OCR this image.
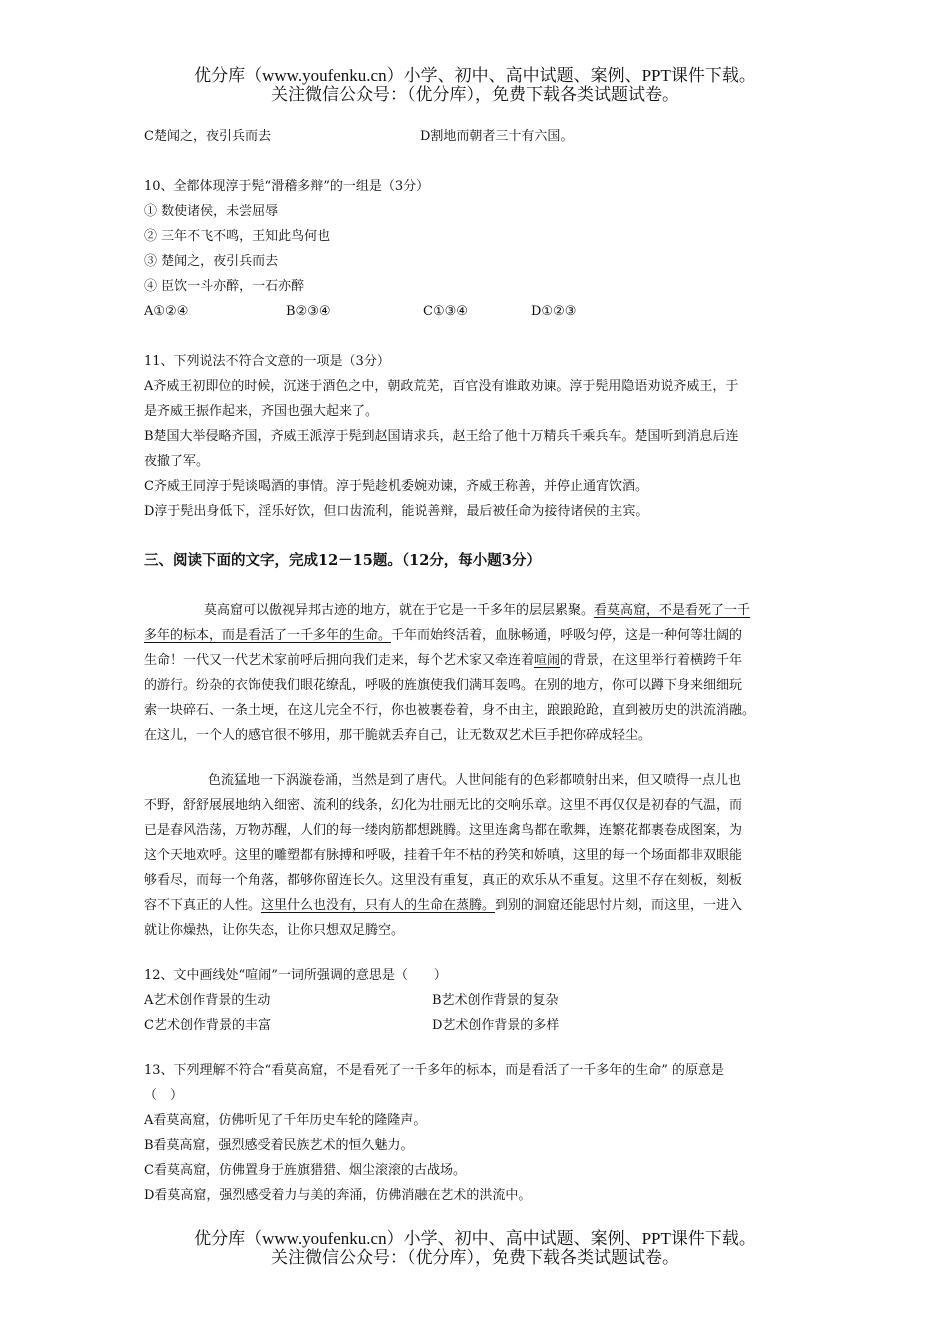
优分库（www.youfenku.cn）小学、初中、高中试题、案例、PPT课件下载。
关注微信公众号：（优分库），免费下载各类试题试卷。
C楚闻之，夜引兵而去	D割地而朝者三十有六国。
10、全都体现淳于髡“滑稽多辩”的一组是（3分）
① 数使诸侯，未尝屈辱
② 三年不飞不鸣，王知此鸟何也
③ 楚闻之，夜引兵而去
④ 臣饮一斗亦醉，一石亦醉
A①②④	B②③④	C①③④	D①②③
11、下列说法不符合文意的一项是（3分）
A齐威王初即位的时候，沉迷于酒色之中，朝政荒芜，百官没有谁敢劝谏。淳于髡用隐语劝说齐威王，于
是齐威王振作起来，齐国也强大起来了。
B楚国大举侵略齐国，齐威王派淳于髡到赵国请求兵，赵王给了他十万精兵千乘兵车。楚国听到消息后连
夜撤了军。
C齐威王同淳于髡谈喝酒的事情。淳于髡趁机委婉劝谏，齐威王称善，并停止通宵饮酒。
D淳于髡出身低下，淫乐好饮，但口齿流利，能说善辩，最后被任命为接待诸侯的主宾。
三、阅读下面的文字，完成12－15题。（12分，每小题3分）
莫高窟可以傲视异邦古迹的地方，就在于它是一千多年的层层累聚。看莫高窟，不是看死了一千
多年的标本，而是看活了一千多年的生命。千年而始终活着，血脉畅通，呼吸匀停，这是一种何等壮阔的
生命！一代又一代艺术家前呼后拥向我们走来，每个艺术家又牵连着喧闹的背景，在这里举行着横跨千年
的游行。纷杂的衣饰使我们眼花缭乱，呼吸的旌旗使我们满耳轰鸣。在别的地方，你可以蹲下身来细细玩
索一块碎石、一条土埂，在这儿完全不行，你也被裹卷着，身不由主，踉踉跄跄，直到被历史的洪流消融。
在这儿，一个人的感官很不够用，那干脆就丢弃自己，让无数双艺术巨手把你碎成轻尘。
色流猛地一下涡漩卷涌，当然是到了唐代。人世间能有的色彩都喷射出来，但又喷得一点儿也
不野，舒舒展展地纳入细密、流利的线条，幻化为壮丽无比的交响乐章。这里不再仅仅是初春的气温，而
已是春风浩荡，万物苏醒，人们的每一缕肉筋都想跳腾。这里连禽鸟都在歌舞，连繁花都裹卷成图案，为
这个天地欢呼。这里的雕塑都有脉搏和呼吸，挂着千年不枯的矜笑和娇嗔，这里的每一个场面都非双眼能
够看尽，而每一个角落，都够你留连长久。这里没有重复，真正的欢乐从不重复。这里不存在刻板，刻板
容不下真正的人性。这里什么也没有，只有人的生命在蒸腾。到别的洞窟还能思忖片刻，而这里，一进入
就让你燥热，让你失态，让你只想双足腾空。
12、文中画线处“喧闹”一词所强调的意思是（　　）
A艺术创作背景的生动	B艺术创作背景的复杂
C艺术创作背景的丰富	D艺术创作背景的多样
13、下列理解不符合“看莫高窟，不是看死了一千多年的标本，而是看活了一千多年的生命” 的原意是
（　）
A看莫高窟，仿佛听见了千年历史车轮的隆隆声。
B看莫高窟，强烈感受着民族艺术的恒久魅力。
C看莫高窟，仿佛置身于旌旗猎猎、烟尘滚滚的古战场。
D看莫高窟，强烈感受着力与美的奔涌，仿佛消融在艺术的洪流中。
优分库（www.youfenku.cn）小学、初中、高中试题、案例、PPT课件下载。
关注微信公众号：（优分库），免费下载各类试题试卷。
